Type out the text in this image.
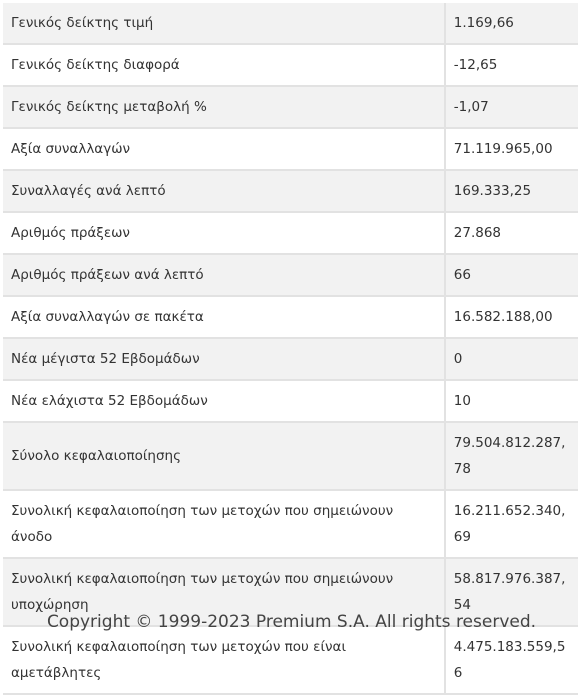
Γενικός δείκτης τιμή	1.169,66
Γενικός δείκτης διαφορά	-12,65
Γενικός δείκτης μεταβολή %	-1,07
Αξία συναλλαγών	71.119.965,00
Συναλλαγές ανά λεπτό	169.333,25
Αριθμός πράξεων	27.868
Αριθμός πράξεων ανά λεπτό	66
Αξία συναλλαγών σε πακέτα	16.582.188,00
Νέα μέγιστα 52 Εβδομάδων	0
Νέα ελάχιστα 52 Εβδομάδων	10
Σύνολο κεφαλαιοποίησης	79.504.812.287,78
Συνολική κεφαλαιοποίηση των μετοχών που σημειώνουν άνοδο	16.211.652.340,69
Συνολική κεφαλαιοποίηση των μετοχών που σημειώνουν υποχώρηση	58.817.976.387,54
Συνολική κεφαλαιοποίηση των μετοχών που είναι αμετάβλητες	4.475.183.559,56
Copyright © 1999-2023 Premium S.A. All rights reserved.
